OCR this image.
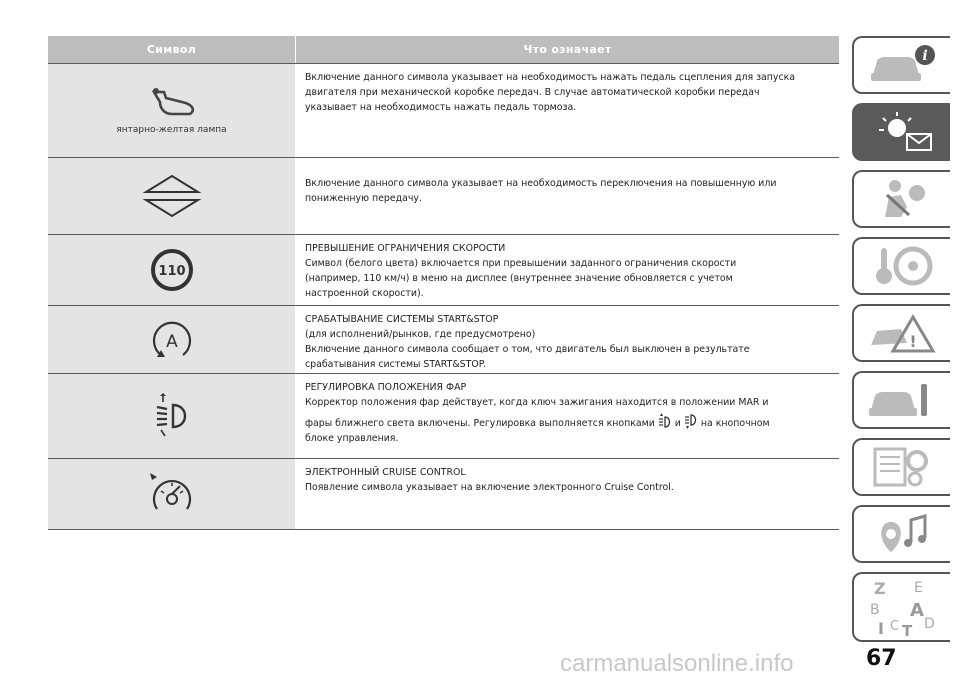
Символ	Что означает
янтарно-желтая лампа
Включение данного символа указывает на необходимость нажать педаль сцепления для запуска
двигателя при механической коробке передач. В случае автоматической коробки передач
указывает на необходимость нажать педаль тормоза.
Включение данного символа указывает на необходимость переключения на повышенную или
пониженную передачу.
110
ПРЕВЫШЕНИЕ ОГРАНИЧЕНИЯ СКОРОСТИ
Символ (белого цвета) включается при превышении заданного ограничения скорости
(например, 110 км/ч) в меню на дисплее (внутреннее значение обновляется с учетом
настроенной скорости).
A
СРАБАТЫВАНИЕ СИСТЕМЫ START&STOP
(для исполнений/рынков, где предусмотрено)
Включение данного символа сообщает о том, что двигатель был выключен в результате
срабатывания системы START&STOP.
РЕГУЛИРОВКА ПОЛОЖЕНИЯ ФАР
Корректор положения фар действует, когда ключ зажигания находится в положении MAR и
фары ближнего света включены. Регулировка выполняется кнопками и на кнопочном
блоке управления.
ЭЛЕКТРОННЫЙ CRUISE CONTROL
Появление символа указывает на включение электронного Cruise Control.
i
!
Z E
B A
I C T D
67
carmanualsonline.info
